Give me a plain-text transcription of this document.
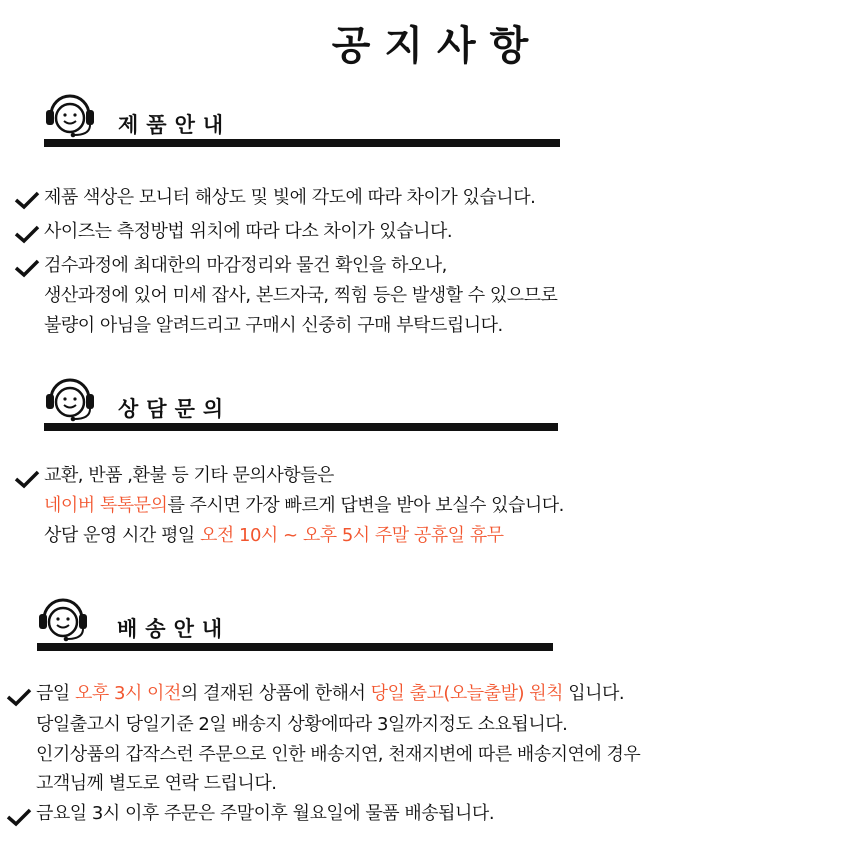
공지사항
제품안내
제품 색상은 모니터 해상도 및 빛에 각도에 따라 차이가 있습니다.
사이즈는 측정방법 위치에 따라 다소 차이가 있습니다.
검수과정에 최대한의 마감정리와 물건 확인을 하오나,
생산과정에 있어 미세 잡사, 본드자국, 찍힘 등은 발생할 수 있으므로
불량이 아님을 알려드리고 구매시 신중히 구매 부탁드립니다.
상담문의
교환, 반품 ,환불 등 기타 문의사항들은
네이버 톡톡문의를 주시면 가장 빠르게 답변을 받아 보실수 있습니다.
상담 운영 시간 평일 오전 10시 ~ 오후 5시 주말 공휴일 휴무
배송안내
금일 오후 3시 이전의 결재된 상품에 한해서 당일 출고(오늘출발) 원칙 입니다.
당일출고시 당일기준 2일 배송지 상황에따라 3일까지정도 소요됩니다.
인기상품의 갑작스런 주문으로 인한 배송지연, 천재지변에 따른 배송지연에 경우
고객님께 별도로 연락 드립니다.
금요일 3시 이후 주문은 주말이후 월요일에 물품 배송됩니다.
